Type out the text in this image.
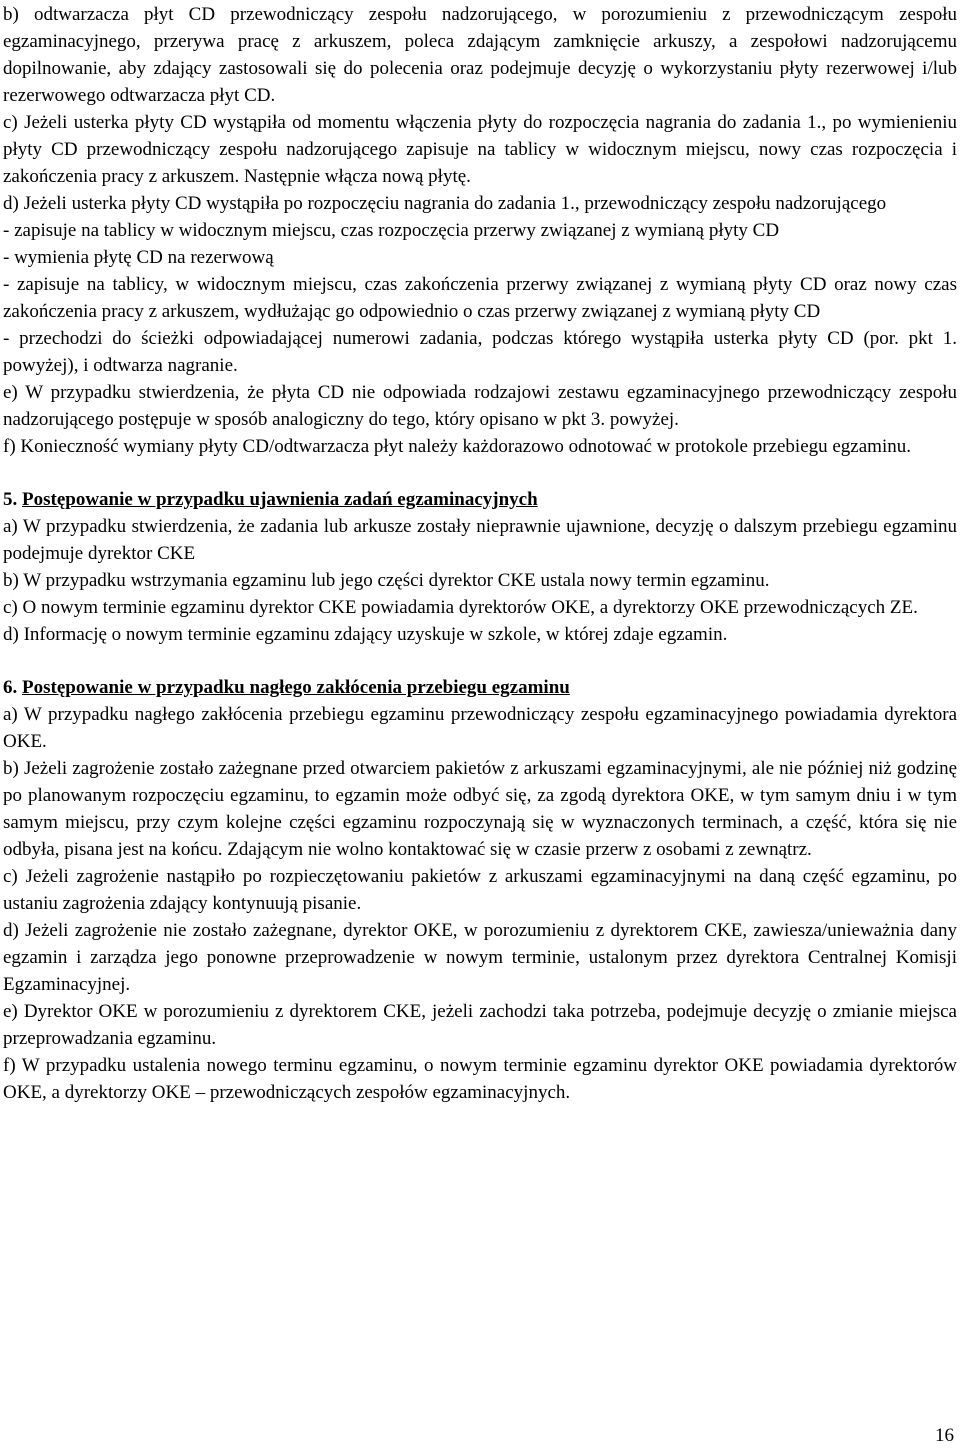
b) odtwarzacza płyt CD przewodniczący zespołu nadzorującego, w porozumieniu z przewodniczącym zespołu egzaminacyjnego, przerywa pracę z arkuszem, poleca zdającym zamknięcie arkuszy, a zespołowi nadzorującemu dopilnowanie, aby zdający zastosowali się do polecenia oraz podejmuje decyzję o wykorzystaniu płyty rezerwowej i/lub rezerwowego odtwarzacza płyt CD.

c) Jeżeli usterka płyty CD wystąpiła od momentu włączenia płyty do rozpoczęcia nagrania do zadania 1., po wymienieniu płyty CD przewodniczący zespołu nadzorującego zapisuje na tablicy w widocznym miejscu, nowy czas rozpoczęcia i zakończenia pracy z arkuszem. Następnie włącza nową płytę.

d) Jeżeli usterka płyty CD wystąpiła po rozpoczęciu nagrania do zadania 1., przewodniczący zespołu nadzorującego

- zapisuje na tablicy w widocznym miejscu, czas rozpoczęcia przerwy związanej z wymianą płyty CD

- wymienia płytę CD na rezerwową

- zapisuje na tablicy, w widocznym miejscu, czas zakończenia przerwy związanej z wymianą płyty CD oraz nowy czas zakończenia pracy z arkuszem, wydłużając go odpowiednio o czas przerwy związanej z wymianą płyty CD

- przechodzi do ścieżki odpowiadającej numerowi zadania, podczas którego wystąpiła usterka płyty CD (por. pkt 1. powyżej), i odtwarza nagranie.

e) W przypadku stwierdzenia, że płyta CD nie odpowiada rodzajowi zestawu egzaminacyjnego przewodniczący zespołu nadzorującego postępuje w sposób analogiczny do tego, który opisano w pkt 3. powyżej.

f) Konieczność wymiany płyty CD/odtwarzacza płyt należy każdorazowo odnotować w protokole przebiegu egzaminu.

5. Postępowanie w przypadku ujawnienia zadań egzaminacyjnych

a) W przypadku stwierdzenia, że zadania lub arkusze zostały nieprawnie ujawnione, decyzję o dalszym przebiegu egzaminu podejmuje dyrektor CKE

b) W przypadku wstrzymania egzaminu lub jego części dyrektor CKE ustala nowy termin egzaminu.

c) O nowym terminie egzaminu dyrektor CKE powiadamia dyrektorów OKE, a dyrektorzy OKE przewodniczących ZE.

d) Informację o nowym terminie egzaminu zdający uzyskuje w szkole, w której zdaje egzamin.

6. Postępowanie w przypadku nagłego zakłócenia przebiegu egzaminu

a) W przypadku nagłego zakłócenia przebiegu egzaminu przewodniczący zespołu egzaminacyjnego powiadamia dyrektora OKE.

b) Jeżeli zagrożenie zostało zażegnane przed otwarciem pakietów z arkuszami egzaminacyjnymi, ale nie później niż godzinę po planowanym rozpoczęciu egzaminu, to egzamin może odbyć się, za zgodą dyrektora OKE, w tym samym dniu i w tym samym miejscu, przy czym kolejne części egzaminu rozpoczynają się w wyznaczonych terminach, a część, która się nie odbyła, pisana jest na końcu. Zdającym nie wolno kontaktować się w czasie przerw z osobami z zewnątrz.

c) Jeżeli zagrożenie nastąpiło po rozpieczętowaniu pakietów z arkuszami egzaminacyjnymi na daną część egzaminu, po ustaniu zagrożenia zdający kontynuują pisanie.

d) Jeżeli zagrożenie nie zostało zażegnane, dyrektor OKE, w porozumieniu z dyrektorem CKE, zawiesza/unieważnia dany egzamin i zarządza jego ponowne przeprowadzenie w nowym terminie, ustalonym przez dyrektora Centralnej Komisji Egzaminacyjnej.

e) Dyrektor OKE w porozumieniu z dyrektorem CKE, jeżeli zachodzi taka potrzeba, podejmuje decyzję o zmianie miejsca przeprowadzania egzaminu.

f) W przypadku ustalenia nowego terminu egzaminu, o nowym terminie egzaminu dyrektor OKE powiadamia dyrektorów OKE, a dyrektorzy OKE – przewodniczących zespołów egzaminacyjnych.

16
